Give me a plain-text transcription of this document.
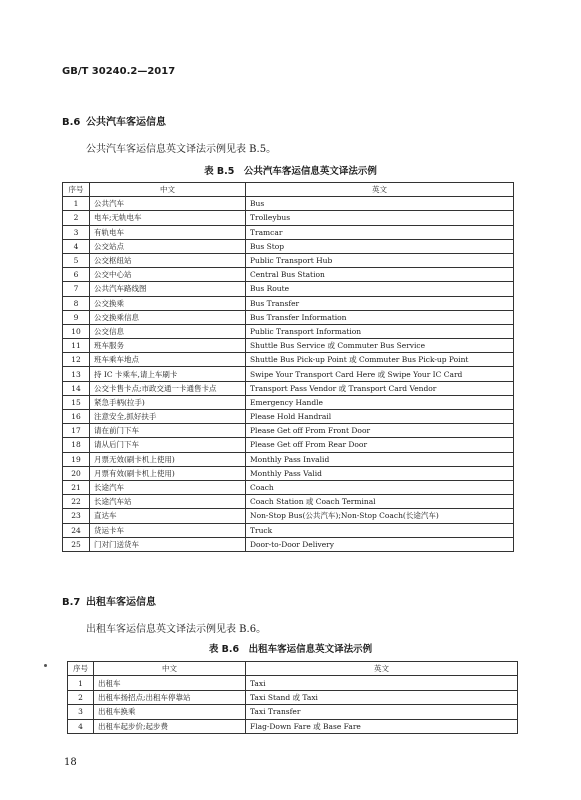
GB/T 30240.2—2017
B.6 公共汽车客运信息
公共汽车客运信息英文译法示例见表 B.5。
表 B.5　公共汽车客运信息英文译法示例
序号	中文	英文
1	公共汽车	Bus
2	电车;无轨电车	Trolleybus
3	有轨电车	Tramcar
4	公交站点	Bus Stop
5	公交枢纽站	Public Transport Hub
6	公交中心站	Central Bus Station
7	公共汽车路线图	Bus Route
8	公交换乘	Bus Transfer
9	公交换乘信息	Bus Transfer Information
10	公交信息	Public Transport Information
11	班车服务	Shuttle Bus Service 或 Commuter Bus Service
12	班车乘车地点	Shuttle Bus Pick-up Point 或 Commuter Bus Pick-up Point
13	持 IC 卡乘车,请上车刷卡	Swipe Your Transport Card Here 或 Swipe Your IC Card
14	公交卡售卡点;市政交通一卡通售卡点	Transport Pass Vendor 或 Transport Card Vendor
15	紧急手柄(拉手)	Emergency Handle
16	注意安全,抓好扶手	Please Hold Handrail
17	请在前门下车	Please Get off From Front Door
18	请从后门下车	Please Get off From Rear Door
19	月票无效(刷卡机上使用)	Monthly Pass Invalid
20	月票有效(刷卡机上使用)	Monthly Pass Valid
21	长途汽车	Coach
22	长途汽车站	Coach Station 或 Coach Terminal
23	直达车	Non-Stop Bus(公共汽车);Non-Stop Coach(长途汽车)
24	货运卡车	Truck
25	门对门送货车	Door-to-Door Delivery
B.7 出租车客运信息
出租车客运信息英文译法示例见表 B.6。
表 B.6　出租车客运信息英文译法示例
序号	中文	英文
1	出租车	Taxi
2	出租车扬招点;出租车停靠站	Taxi Stand 或 Taxi
3	出租车换乘	Taxi Transfer
4	出租车起步价;起步费	Flag-Down Fare 或 Base Fare
18
